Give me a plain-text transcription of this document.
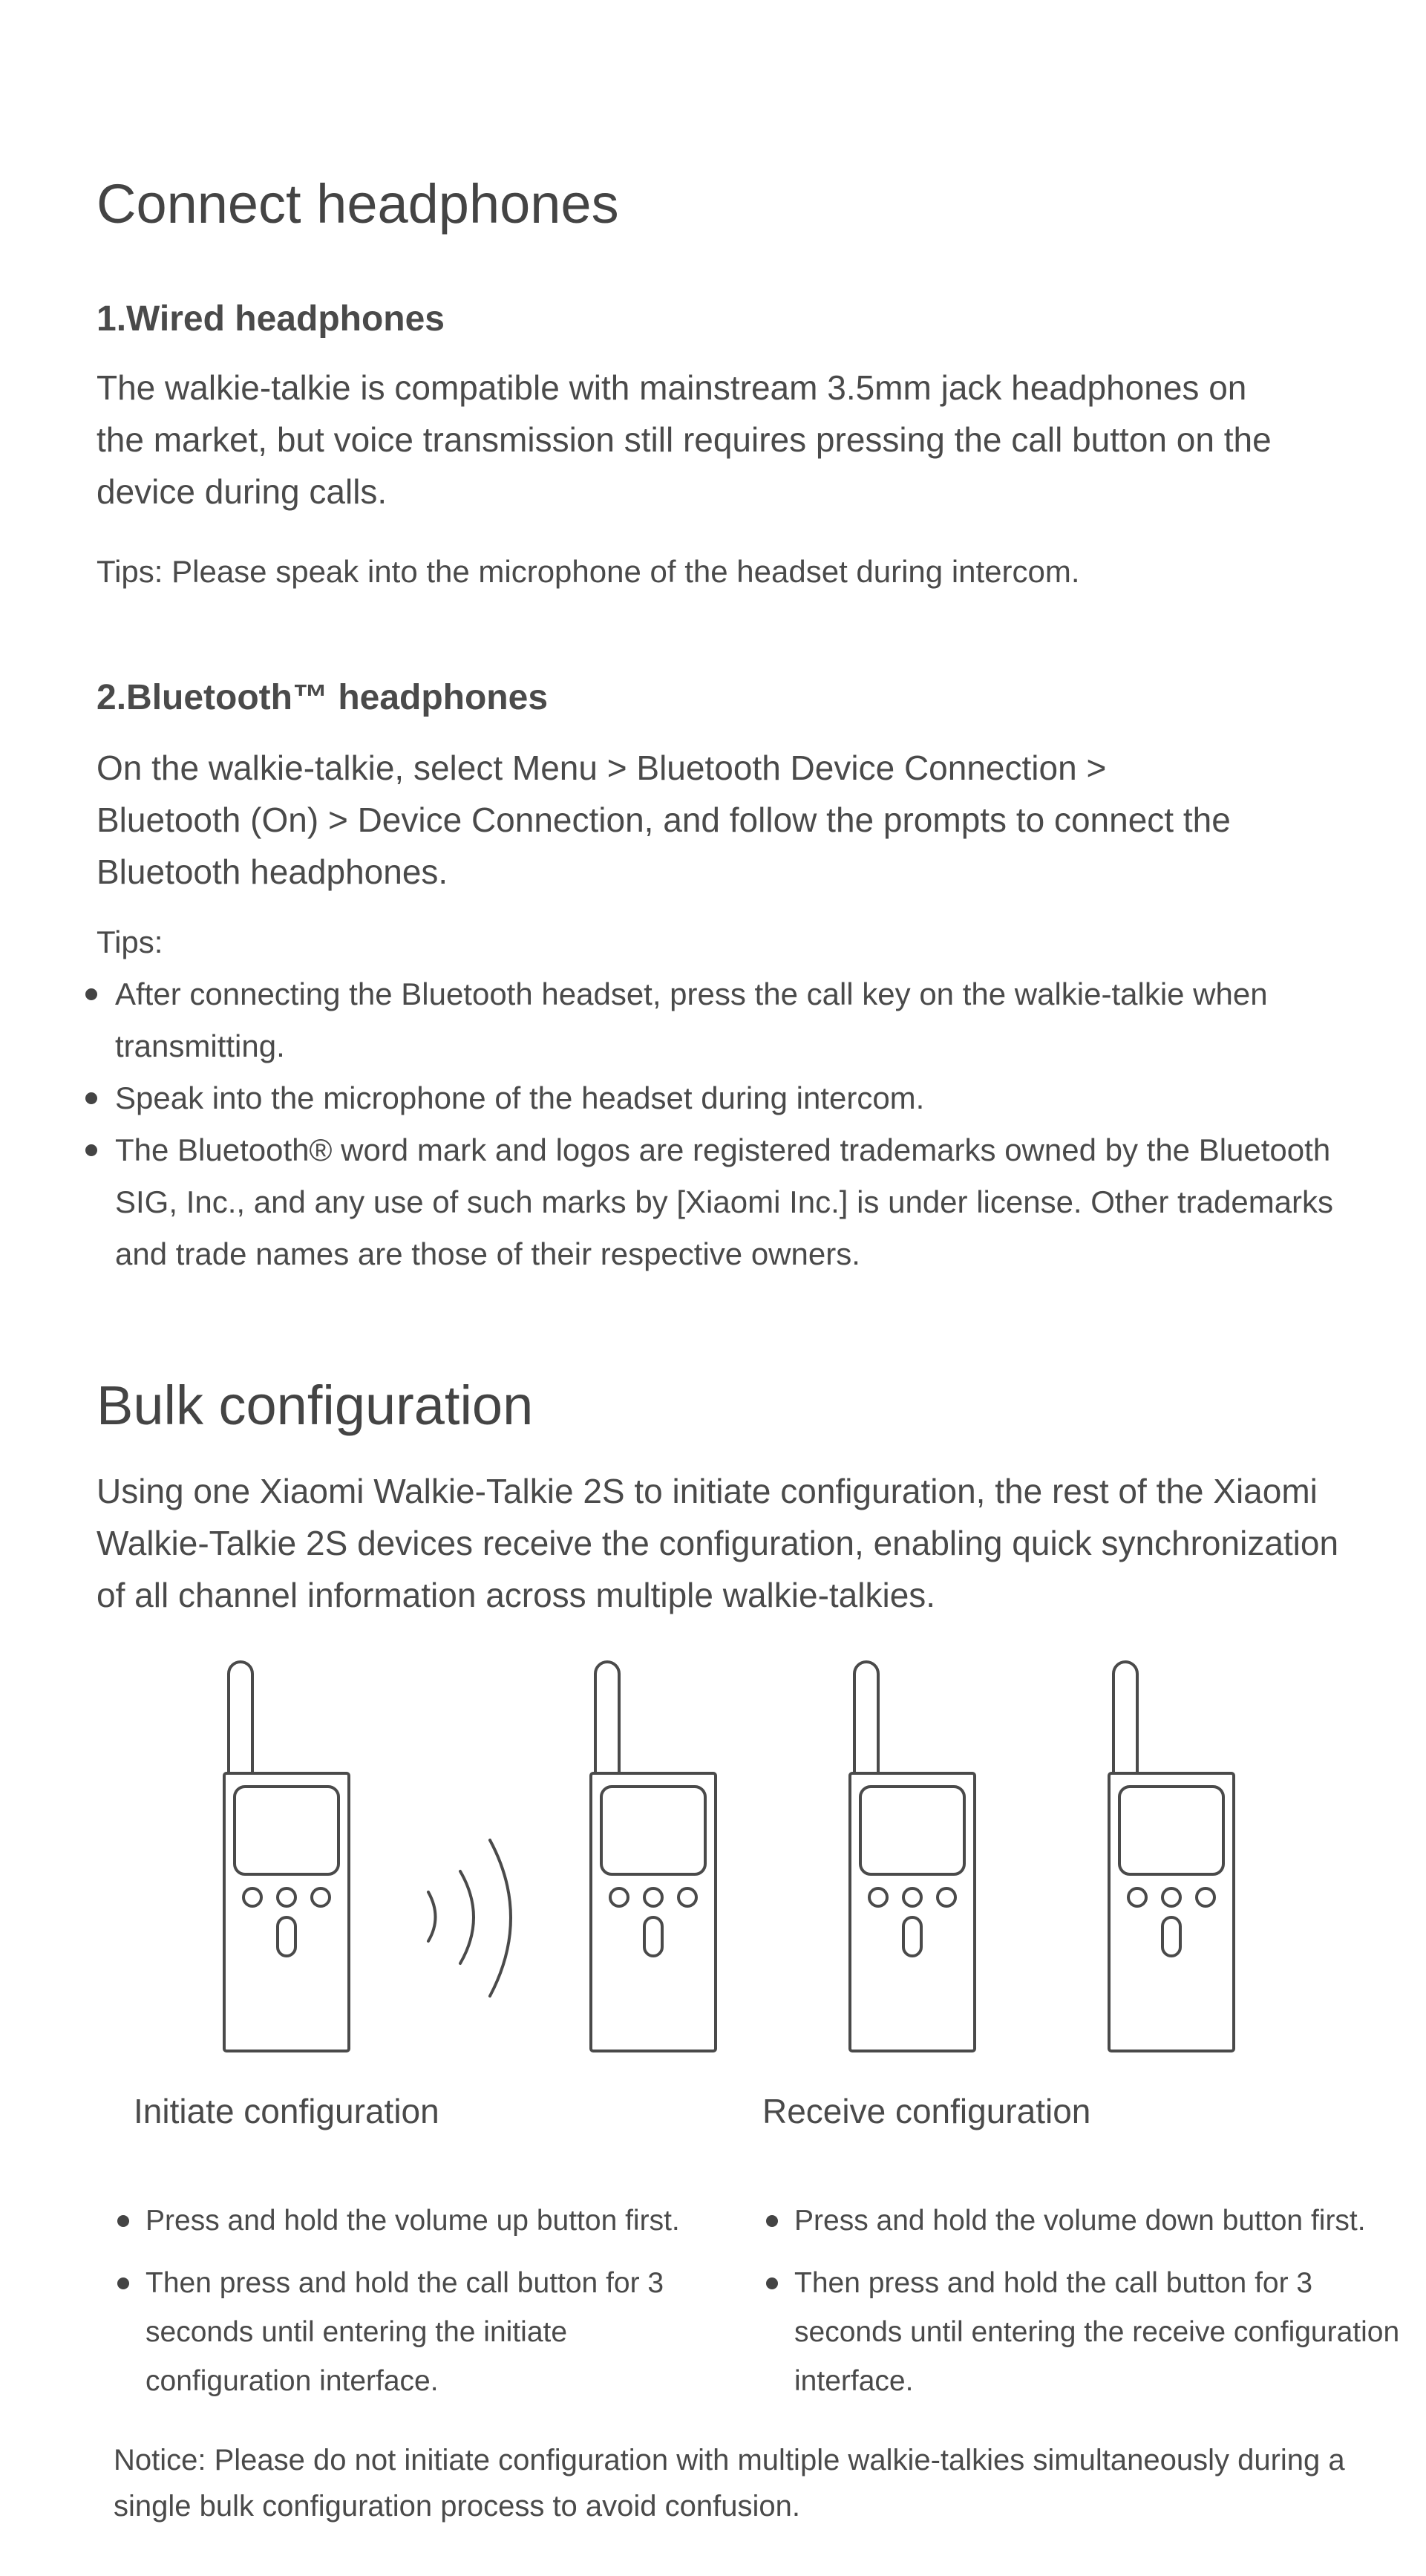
Connect headphones
1.Wired headphones
The walkie-talkie is compatible with mainstream 3.5mm jack headphones on
the market, but voice transmission still requires pressing the call button on the
device during calls.
Tips: Please speak into the microphone of the headset during intercom.
2.Bluetooth™ headphones
On the walkie-talkie, select Menu > Bluetooth Device Connection >
Bluetooth (On) > Device Connection, and follow the prompts to connect the
Bluetooth headphones.
Tips:
After connecting the Bluetooth headset, press the call key on the walkie-talkie when
transmitting.
Speak into the microphone of the headset during intercom.
The Bluetooth® word mark and logos are registered trademarks owned by the Bluetooth
SIG, Inc., and any use of such marks by [Xiaomi Inc.] is under license. Other trademarks
and trade names are those of their respective owners.
Bulk configuration
Using one Xiaomi Walkie-Talkie 2S to initiate configuration, the rest of the Xiaomi
Walkie-Talkie 2S devices receive the configuration, enabling quick synchronization
of all channel information across multiple walkie-talkies.
Initiate configuration	Receive configuration
Press and hold the volume up button first.
Then press and hold the call button for 3
seconds until entering the initiate
configuration interface.
Press and hold the volume down button first.
Then press and hold the call button for 3
seconds until entering the receive configuration
interface.
Notice: Please do not initiate configuration with multiple walkie-talkies simultaneously during a
single bulk configuration process to avoid confusion.
